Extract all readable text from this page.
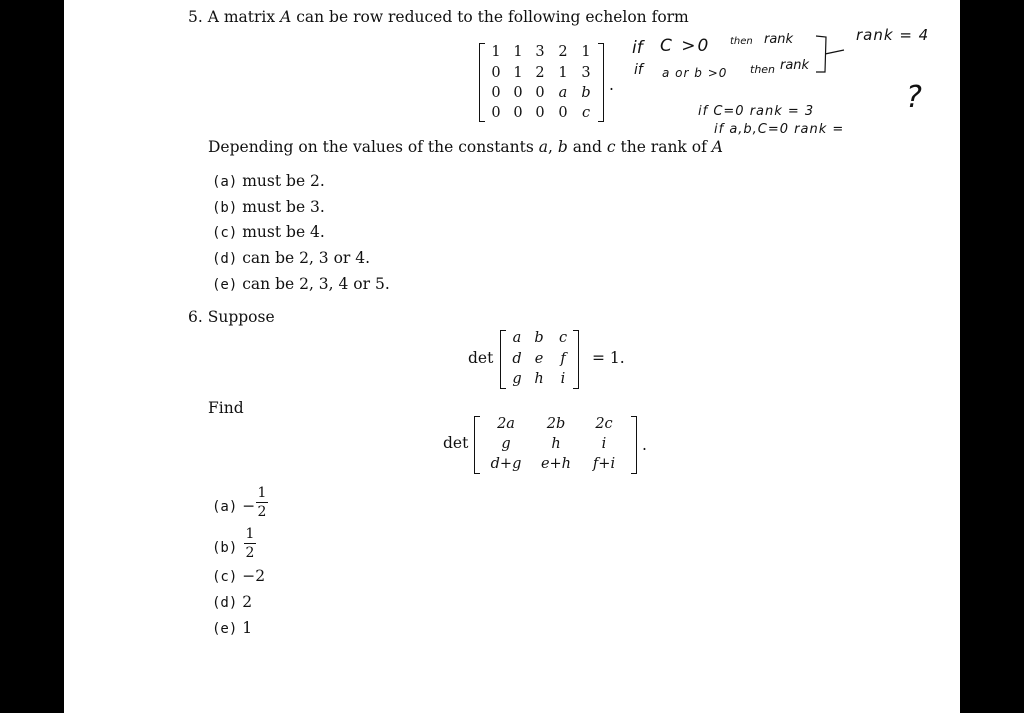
5. A matrix A can be row reduced to the following echelon form
1 1 3 2 1
0 1 2 1 3
0 0 0 a b
0 0 0 0 c
.
if C >0 then rank
if a or b >0 then rank
rank = 4
if C=0 rank = 3
if a,b,C=0 rank =
?
Depending on the values of the constants a, b and c the rank of A
(a) must be 2.
(b) must be 3.
(c) must be 4.
(d) can be 2, 3 or 4.
(e) can be 2, 3, 4 or 5.
6. Suppose
det
a b	c
d e	f
g h	i
= 1.
Find
det
2a	2b	2c
g	h	i
d+g	e+h	f+i
.
(a) −
1
2
(b)
1
2
(c) −2
(d) 2
(e) 1
